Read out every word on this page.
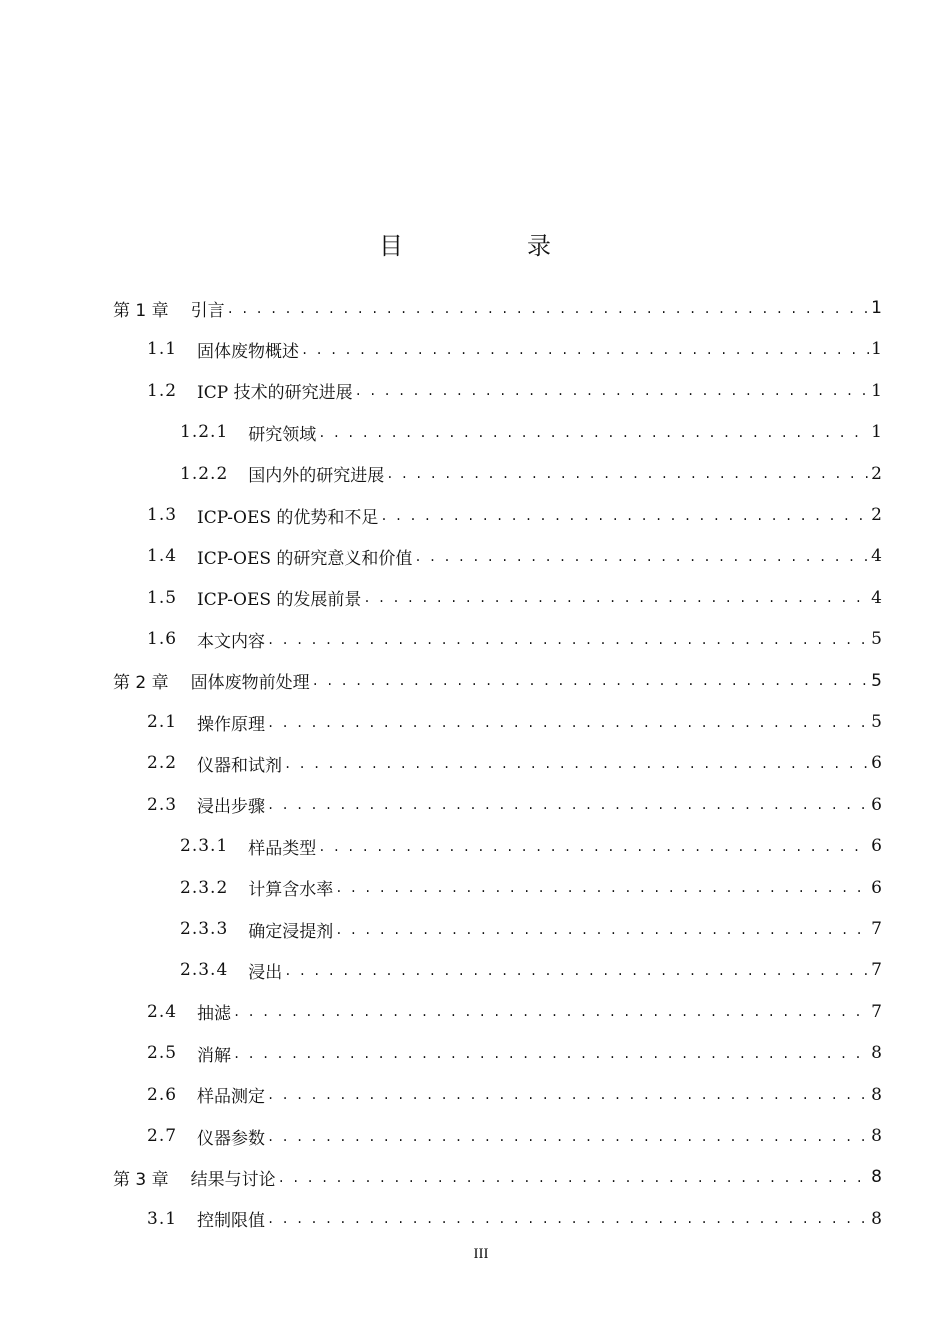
目　录
第 1 章 引言 . . .	1
1.1 固体废物概述 . . .	1
1.2 ICP 技术的研究进展 . . .	1
1.2.1 研究领域 . . .	1
1.2.2 国内外的研究进展 . . .	2
1.3 ICP-OES 的优势和不足 . . .	2
1.4 ICP-OES 的研究意义和价值 . . .	4
1.5 ICP-OES 的发展前景 . . .	4
1.6 本文内容 . . .	5
第 2 章 固体废物前处理 . . .	5
2.1 操作原理 . . .	5
2.2 仪器和试剂 . . .	6
2.3 浸出步骤 . . .	6
2.3.1 样品类型 . . .	6
2.3.2 计算含水率 . . .	6
2.3.3 确定浸提剂 . . .	7
2.3.4 浸出 . . .	7
2.4 抽滤 . . .	7
2.5 消解 . . .	8
2.6 样品测定 . . .	8
2.7 仪器参数 . . .	8
第 3 章 结果与讨论 . . .	8
3.1 控制限值 . . .	8
III
